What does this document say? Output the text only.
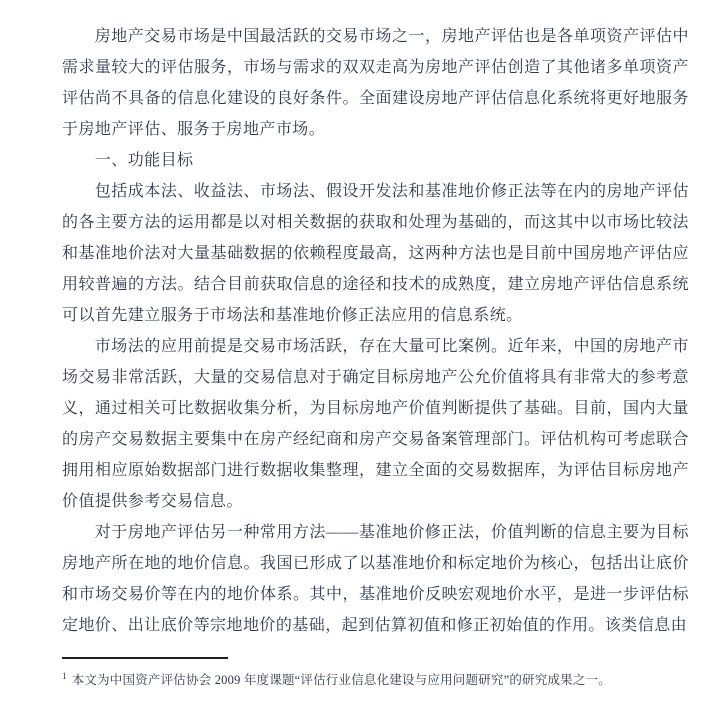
房地产交易市场是中国最活跃的交易市场之一，房地产评估也是各单项资产评估中
需求量较大的评估服务，市场与需求的双双走高为房地产评估创造了其他诸多单项资产
评估尚不具备的信息化建设的良好条件。全面建设房地产评估信息化系统将更好地服务
于房地产评估、服务于房地产市场。
一、功能目标
包括成本法、收益法、市场法、假设开发法和基准地价修正法等在内的房地产评估
的各主要方法的运用都是以对相关数据的获取和处理为基础的，而这其中以市场比较法
和基准地价法对大量基础数据的依赖程度最高，这两种方法也是目前中国房地产评估应
用较普遍的方法。结合目前获取信息的途径和技术的成熟度，建立房地产评估信息系统
可以首先建立服务于市场法和基准地价修正法应用的信息系统。
市场法的应用前提是交易市场活跃，存在大量可比案例。近年来，中国的房地产市
场交易非常活跃，大量的交易信息对于确定目标房地产公允价值将具有非常大的参考意
义，通过相关可比数据收集分析，为目标房地产价值判断提供了基础。目前，国内大量
的房产交易数据主要集中在房产经纪商和房产交易备案管理部门。评估机构可考虑联合
拥用相应原始数据部门进行数据收集整理，建立全面的交易数据库，为评估目标房地产
价值提供参考交易信息。
对于房地产评估另一种常用方法——基准地价修正法，价值判断的信息主要为目标
房地产所在地的地价信息。我国已形成了以基准地价和标定地价为核心，包括出让底价
和市场交易价等在内的地价体系。其中，基准地价反映宏观地价水平，是进一步评估标
定地价、出让底价等宗地地价的基础，起到估算初值和修正初始值的作用。该类信息由
$^1$ 本文为中国资产评估协会 2009 年度课题“评估行业信息化建设与应用问题研究”的研究成果之一。
